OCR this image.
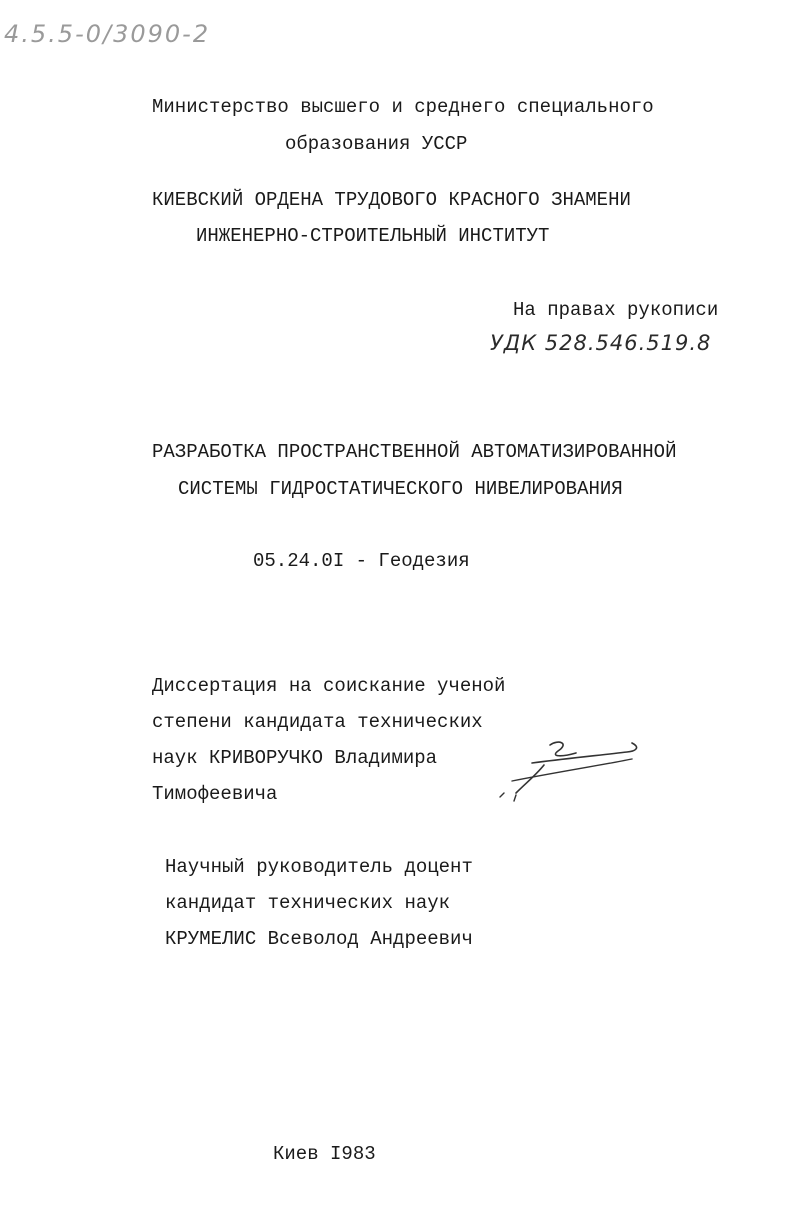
4.5.5-0/3090-2
Министерство высшего и среднего специального
образования УССР
КИЕВСКИЙ ОРДЕНА ТРУДОВОГО КРАСНОГО ЗНАМЕНИ
ИНЖЕНЕРНО-СТРОИТЕЛЬНЫЙ ИНСТИТУТ
На правах рукописи
УДК 528.546.519.8
РАЗРАБОТКА ПРОСТРАНСТВЕННОЙ АВТОМАТИЗИРОВАННОЙ
СИСТЕМЫ ГИДРОСТАТИЧЕСКОГО НИВЕЛИРОВАНИЯ
05.24.0I - Геодезия
Диссертация на соискание ученой
степени кандидата технических
наук КРИВОРУЧКО Владимира
Тимофеевича
Научный руководитель доцент
кандидат технических наук
КРУМЕЛИС Всеволод Андреевич
Киев I983
